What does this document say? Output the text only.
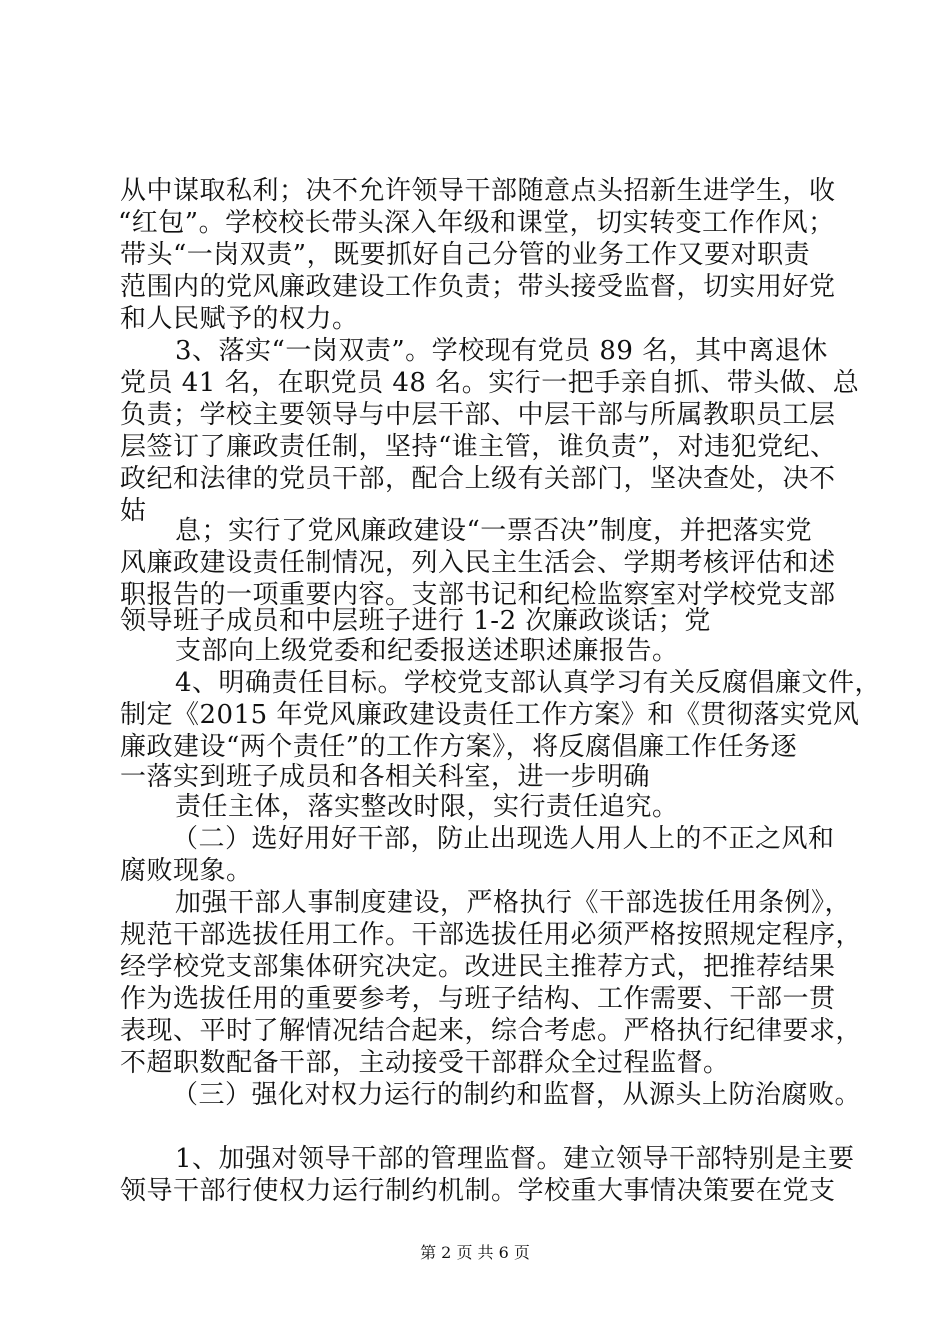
从中谋取私利；决不允许领导干部随意点头招新生进学生，收
“红包”。学校校长带头深入年级和课堂，切实转变工作作风；
带头“一岗双责”，既要抓好自己分管的业务工作又要对职责
范围内的党风廉政建设工作负责；带头接受监督，切实用好党
和人民赋予的权力。
3、落实“一岗双责”。学校现有党员 89 名，其中离退休
党员 41 名，在职党员 48 名。实行一把手亲自抓、带头做、总
负责；学校主要领导与中层干部、中层干部与所属教职员工层
层签订了廉政责任制，坚持“谁主管，谁负责”，对违犯党纪、
政纪和法律的党员干部，配合上级有关部门，坚决查处，决不
姑
息；实行了党风廉政建设“一票否决”制度，并把落实党
风廉政建设责任制情况，列入民主生活会、学期考核评估和述
职报告的一项重要内容。支部书记和纪检监察室对学校党支部
领导班子成员和中层班子进行 1-2 次廉政谈话；党
支部向上级党委和纪委报送述职述廉报告。
4、明确责任目标。学校党支部认真学习有关反腐倡廉文件，
制定《2015 年党风廉政建设责任工作方案》和《贯彻落实党风
廉政建设“两个责任”的工作方案》，将反腐倡廉工作任务逐
一落实到班子成员和各相关科室，进一步明确
责任主体，落实整改时限，实行责任追究。
（二）选好用好干部，防止出现选人用人上的不正之风和
腐败现象。
加强干部人事制度建设，严格执行《干部选拔任用条例》，
规范干部选拔任用工作。干部选拔任用必须严格按照规定程序，
经学校党支部集体研究决定。改进民主推荐方式，把推荐结果
作为选拔任用的重要参考，与班子结构、工作需要、干部一贯
表现、平时了解情况结合起来，综合考虑。严格执行纪律要求，
不超职数配备干部，主动接受干部群众全过程监督。
（三）强化对权力运行的制约和监督，从源头上防治腐败。
1、加强对领导干部的管理监督。建立领导干部特别是主要
领导干部行使权力运行制约机制。学校重大事情决策要在党支
第 2 页 共 6 页
